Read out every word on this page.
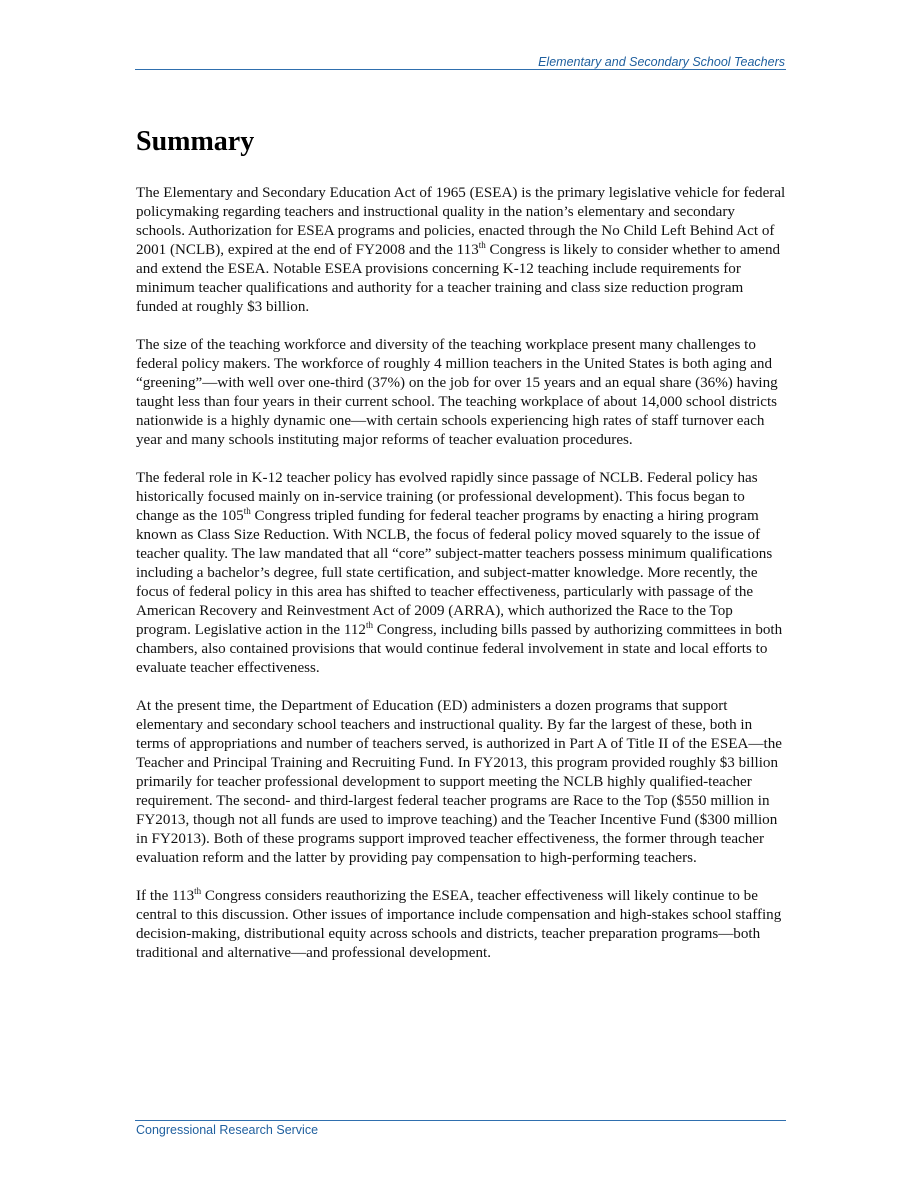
Elementary and Secondary School Teachers
Summary

The Elementary and Secondary Education Act of 1965 (ESEA) is the primary legislative vehicle for federal policymaking regarding teachers and instructional quality in the nation’s elementary and secondary schools. Authorization for ESEA programs and policies, enacted through the No Child Left Behind Act of 2001 (NCLB), expired at the end of FY2008 and the 113th Congress is likely to consider whether to amend and extend the ESEA. Notable ESEA provisions concerning K-12 teaching include requirements for minimum teacher qualifications and authority for a teacher training and class size reduction program funded at roughly $3 billion.

The size of the teaching workforce and diversity of the teaching workplace present many challenges to federal policy makers. The workforce of roughly 4 million teachers in the United States is both aging and “greening”—with well over one-third (37%) on the job for over 15 years and an equal share (36%) having taught less than four years in their current school. The teaching workplace of about 14,000 school districts nationwide is a highly dynamic one—with certain schools experiencing high rates of staff turnover each year and many schools instituting major reforms of teacher evaluation procedures.

The federal role in K-12 teacher policy has evolved rapidly since passage of NCLB. Federal policy has historically focused mainly on in-service training (or professional development). This focus began to change as the 105th Congress tripled funding for federal teacher programs by enacting a hiring program known as Class Size Reduction. With NCLB, the focus of federal policy moved squarely to the issue of teacher quality. The law mandated that all “core” subject-matter teachers possess minimum qualifications including a bachelor’s degree, full state certification, and subject-matter knowledge. More recently, the focus of federal policy in this area has shifted to teacher effectiveness, particularly with passage of the American Recovery and Reinvestment Act of 2009 (ARRA), which authorized the Race to the Top program. Legislative action in the 112th Congress, including bills passed by authorizing committees in both chambers, also contained provisions that would continue federal involvement in state and local efforts to evaluate teacher effectiveness.

At the present time, the Department of Education (ED) administers a dozen programs that support elementary and secondary school teachers and instructional quality. By far the largest of these, both in terms of appropriations and number of teachers served, is authorized in Part A of Title II of the ESEA—the Teacher and Principal Training and Recruiting Fund. In FY2013, this program provided roughly $3 billion primarily for teacher professional development to support meeting the NCLB highly qualified-teacher requirement. The second- and third-largest federal teacher programs are Race to the Top ($550 million in FY2013, though not all funds are used to improve teaching) and the Teacher Incentive Fund ($300 million in FY2013). Both of these programs support improved teacher effectiveness, the former through teacher evaluation reform and the latter by providing pay compensation to high-performing teachers.

If the 113th Congress considers reauthorizing the ESEA, teacher effectiveness will likely continue to be central to this discussion. Other issues of importance include compensation and high-stakes school staffing decision-making, distributional equity across schools and districts, teacher preparation programs—both traditional and alternative—and professional development.

Congressional Research Service
